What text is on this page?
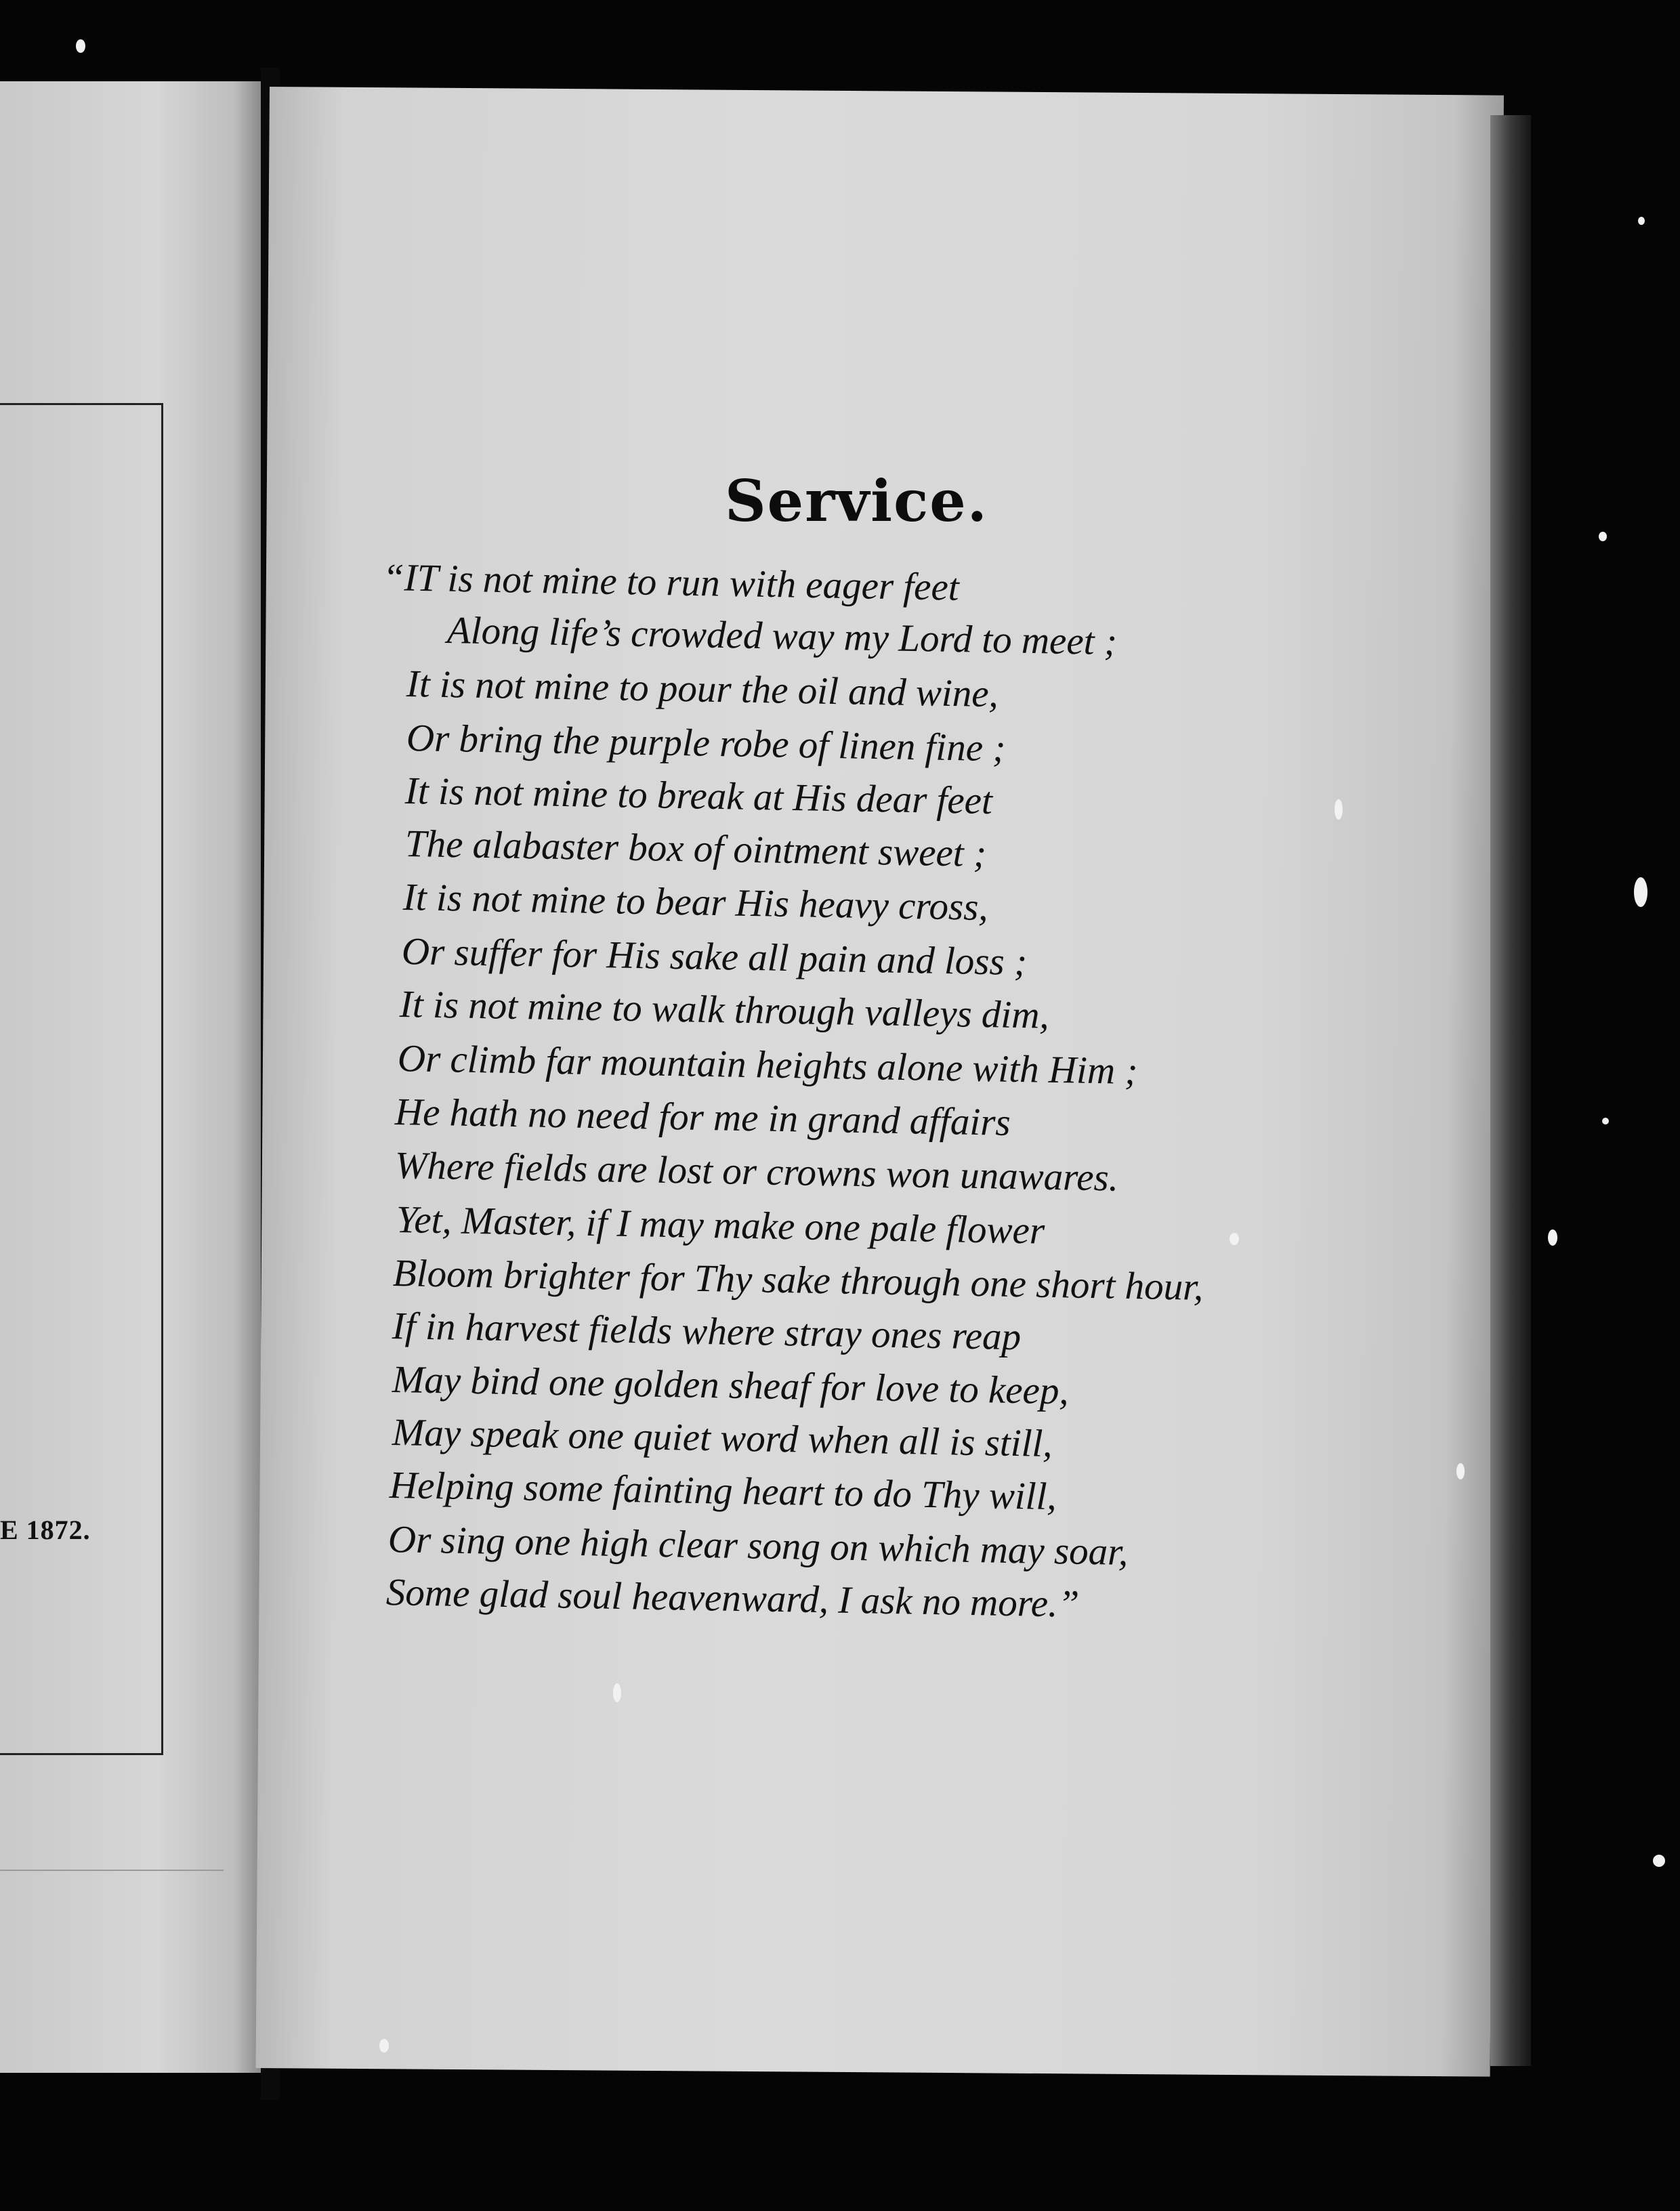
E 1872.
Service.
“IT is not mine to run with eager feet
Along life’s crowded way my Lord to meet ;
It is not mine to pour the oil and wine,
Or bring the purple robe of linen fine ;
It is not mine to break at His dear feet
The alabaster box of ointment sweet ;
It is not mine to bear His heavy cross,
Or suffer for His sake all pain and loss ;
It is not mine to walk through valleys dim,
Or climb far mountain heights alone with Him ;
He hath no need for me in grand affairs
Where fields are lost or crowns won unawares.
Yet, Master, if I may make one pale flower
Bloom brighter for Thy sake through one short hour,
If in harvest fields where stray ones reap
May bind one golden sheaf for love to keep,
May speak one quiet word when all is still,
Helping some fainting heart to do Thy will,
Or sing one high clear song on which may soar,
Some glad soul heavenward, I ask no more.”
